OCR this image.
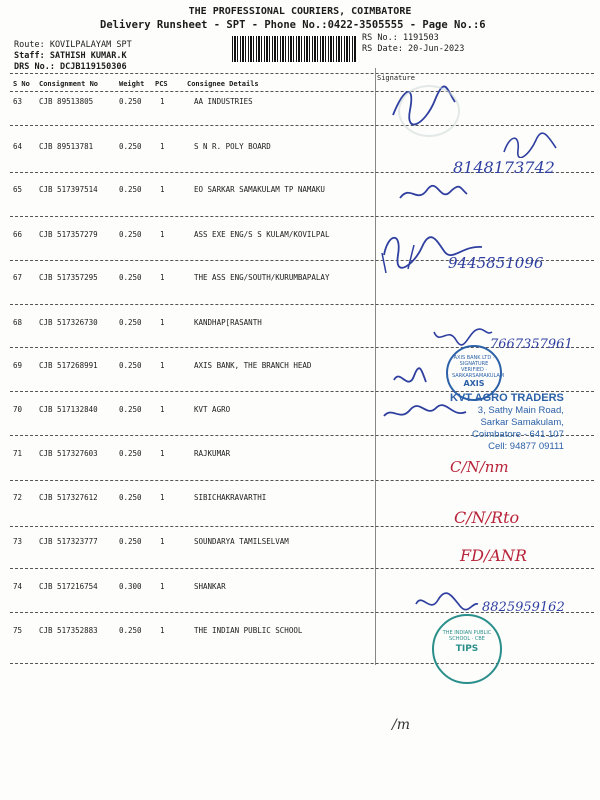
THE PROFESSIONAL COURIERS, COIMBATORE
Delivery Runsheet - SPT - Phone No.:0422-3505555 - Page No.:6
Route: KOVILPALAYAM SPT
Staff: SATHISH KUMAR.K
DRS No.: DCJB119150306
RS No.: 1191503
RS Date: 20-Jun-2023
S No Consignment No	Weight PCS	Consignee Details
Signature
63 CJB 89513805	0.250 1	AA INDUSTRIES
64 CJB 89513781	0.250 1	S N R. POLY BOARD
65 CJB 517397514	0.250 1	EO SARKAR SAMAKULAM TP NAMAKU
66 CJB 517357279	0.250 1	ASS EXE ENG/S S KULAM/KOVILPAL
67 CJB 517357295	0.250 1	THE ASS ENG/SOUTH/KURUMBAPALAY
68 CJB 517326730	0.250 1	KANDHAP[RASANTH
69 CJB 517268991	0.250 1	AXIS BANK, THE BRANCH HEAD
70 CJB 517132840	0.250 1	KVT AGRO
71 CJB 517327603	0.250 1	RAJKUMAR
72 CJB 517327612	0.250 1	SIBICHAKRAVARTHI
73 CJB 517323777	0.250 1	SOUNDARYA TAMILSELVAM
74 CJB 517216754	0.300 1	SHANKAR
75 CJB 517352883	0.250 1	THE INDIAN PUBLIC SCHOOL
8148173742
9445851096
7667357961
AXIS BANK LTD · SIGNATURE VERIFIED · SARKARSAMAKULAM
AXIS
KVT AGRO TRADERS
3, Sathy Main Road,
Sarkar Samakulam,
Coimbatore - 641 107
Cell: 94877 09111
C/N/nm
C/N/Rto
FD/ANR
8825959162
THE INDIAN PUBLIC SCHOOL · CBE
TIPS
/m
